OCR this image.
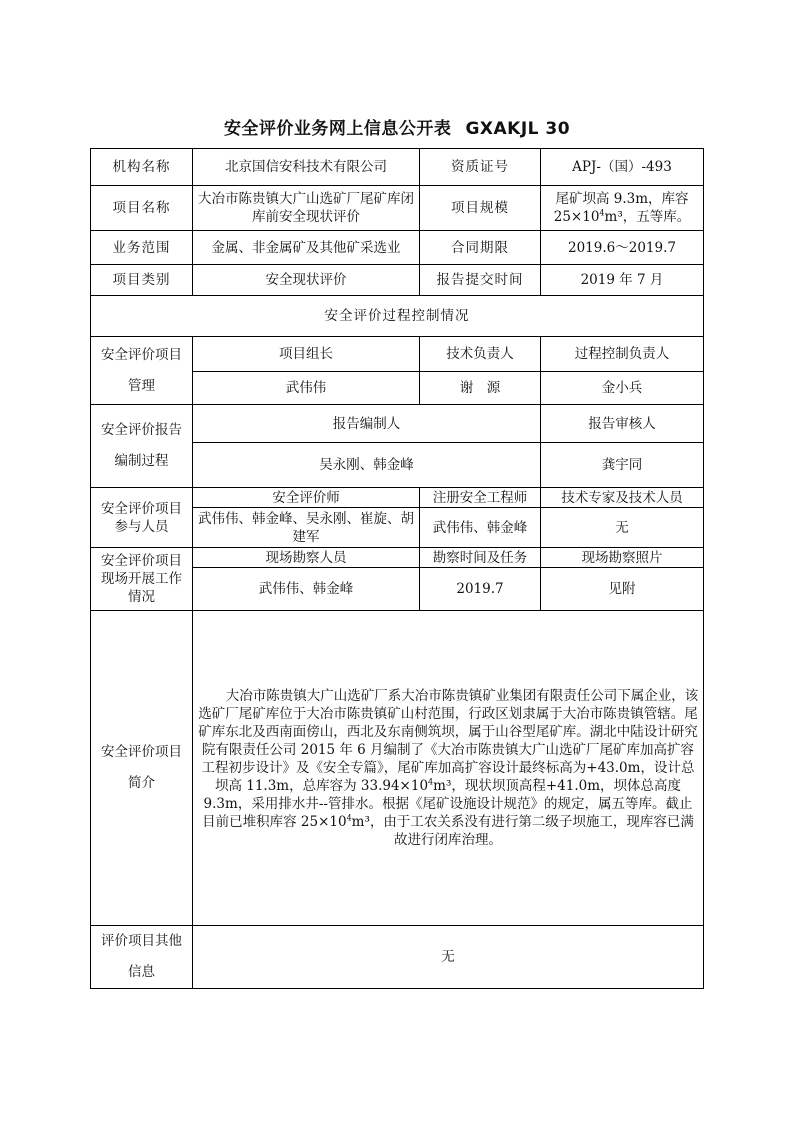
安全评价业务网上信息公开表 GXAKJL 30
机构名称	北京国信安科技术有限公司	资质证号	APJ-（国）-493
项目名称	大冶市陈贵镇大广山选矿厂尾矿库闭库前安全现状评价	项目规模	尾矿坝高 9.3m，库容 $25\times 10^4m^3$，五等库。
业务范围	金属、非金属矿及其他矿采选业	合同期限	2019.6～2019.7
项目类别	安全现状评价	报告提交时间	2019 年 7 月
安全评价过程控制情况			
安全评价项目管理	项目组长	技术负责人	过程控制负责人
	武伟伟	谢　源	金小兵
安全评价报告编制过程	报告编制人		报告审核人
	吴永刚、韩金峰		龚宇同
安全评价项目参与人员	安全评价师	注册安全工程师	技术专家及技术人员
	武伟伟、韩金峰、吴永刚、崔旋、胡建军	武伟伟、韩金峰	无
安全评价项目现场开展工作情况	现场勘察人员	勘察时间及任务	现场勘察照片
	武伟伟、韩金峰	2019.7	见附
安全评价项目简介	大冶市陈贵镇大广山选矿厂系大冶市陈贵镇矿业集团有限责任公司下属企业，该选矿厂尾矿库位于大冶市陈贵镇矿山村范围，行政区划隶属于大冶市陈贵镇管辖。尾矿库东北及西南面傍山，西北及东南侧筑坝，属于山谷型尾矿库。湖北中陆设计研究院有限责任公司 2015 年 6 月编制了《大冶市陈贵镇大广山选矿厂尾矿库加高扩容工程初步设计》及《安全专篇》，尾矿库加高扩容设计最终标高为+43.0m，设计总坝高 11.3m，总库容为 $33.94\times 10^4m^3$，现状坝顶高程+41.0m，坝体总高度 9.3m，采用排水井--管排水。根据《尾矿设施设计规范》的规定，属五等库。截止目前已堆积库容 $25\times 10^4m^3$，由于工农关系没有进行第二级子坝施工，现库容已满故进行闭库治理。		
评价项目其他信息	无		
